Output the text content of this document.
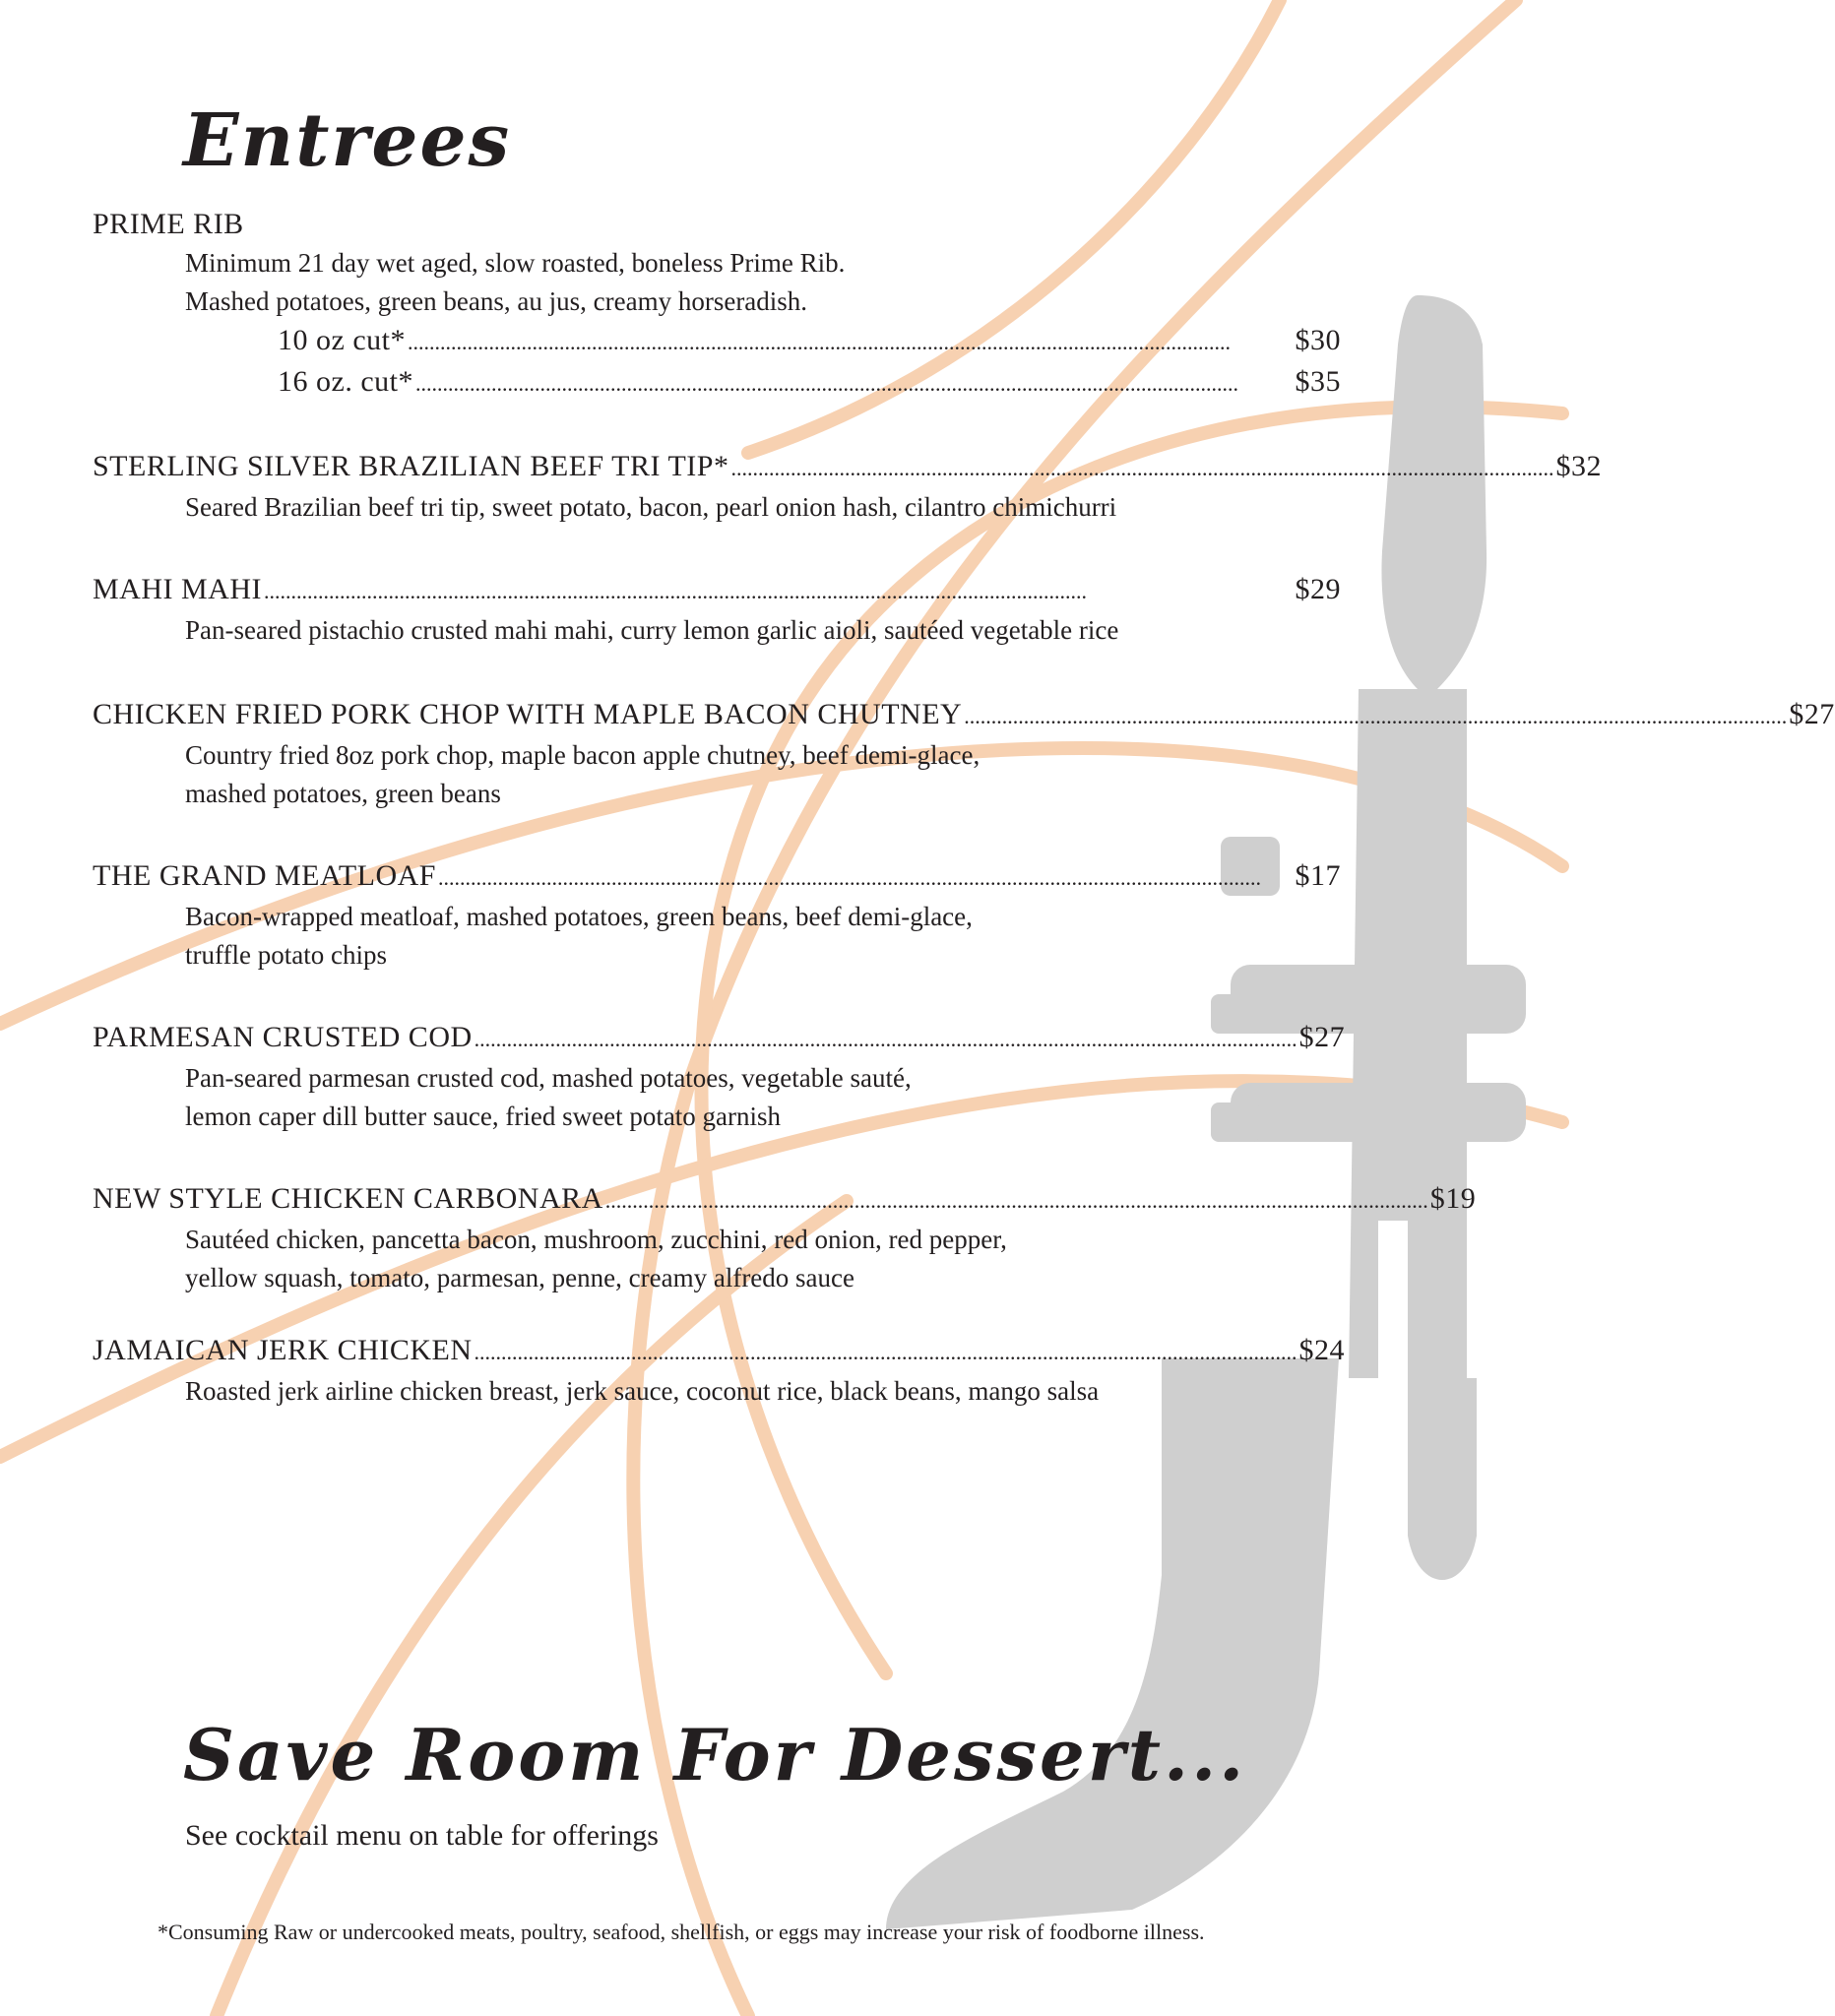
Entrees
PRIME RIB
Minimum 21 day wet aged, slow roasted, boneless Prime Rib.
Mashed potatoes, green beans, au jus, creamy horseradish.
10 oz cut* ........................................................................................................................................................	$30
16 oz. cut* ........................................................................................................................................................	$35
STERLING SILVER BRAZILIAN BEEF TRI TIP* ........................................................................................................................................................ $32
Seared Brazilian beef tri tip, sweet potato, bacon, pearl onion hash, cilantro chimichurri
MAHI MAHI ........................................................................................................................................................	$29
Pan-seared pistachio crusted mahi mahi, curry lemon garlic aioli, sautéed vegetable rice
CHICKEN FRIED PORK CHOP WITH MAPLE BACON CHUTNEY ........................................................................................................................................................ $27
Country fried 8oz pork chop, maple bacon apple chutney, beef demi-glace,
mashed potatoes, green beans
THE GRAND MEATLOAF ........................................................................................................................................................	$17
Bacon-wrapped meatloaf, mashed potatoes, green beans, beef demi-glace,
truffle potato chips
PARMESAN CRUSTED COD ........................................................................................................................................................ $27
Pan-seared parmesan crusted cod, mashed potatoes, vegetable sauté,
lemon caper dill butter sauce, fried sweet potato garnish
NEW STYLE CHICKEN CARBONARA ........................................................................................................................................................ $19
Sautéed chicken, pancetta bacon, mushroom, zucchini, red onion, red pepper,
yellow squash, tomato, parmesan, penne, creamy alfredo sauce
JAMAICAN JERK CHICKEN ........................................................................................................................................................ $24
Roasted jerk airline chicken breast, jerk sauce, coconut rice, black beans, mango salsa
Save Room For Dessert...
See cocktail menu on table for offerings
*Consuming Raw or undercooked meats, poultry, seafood, shellfish, or eggs may increase your risk of foodborne illness.
